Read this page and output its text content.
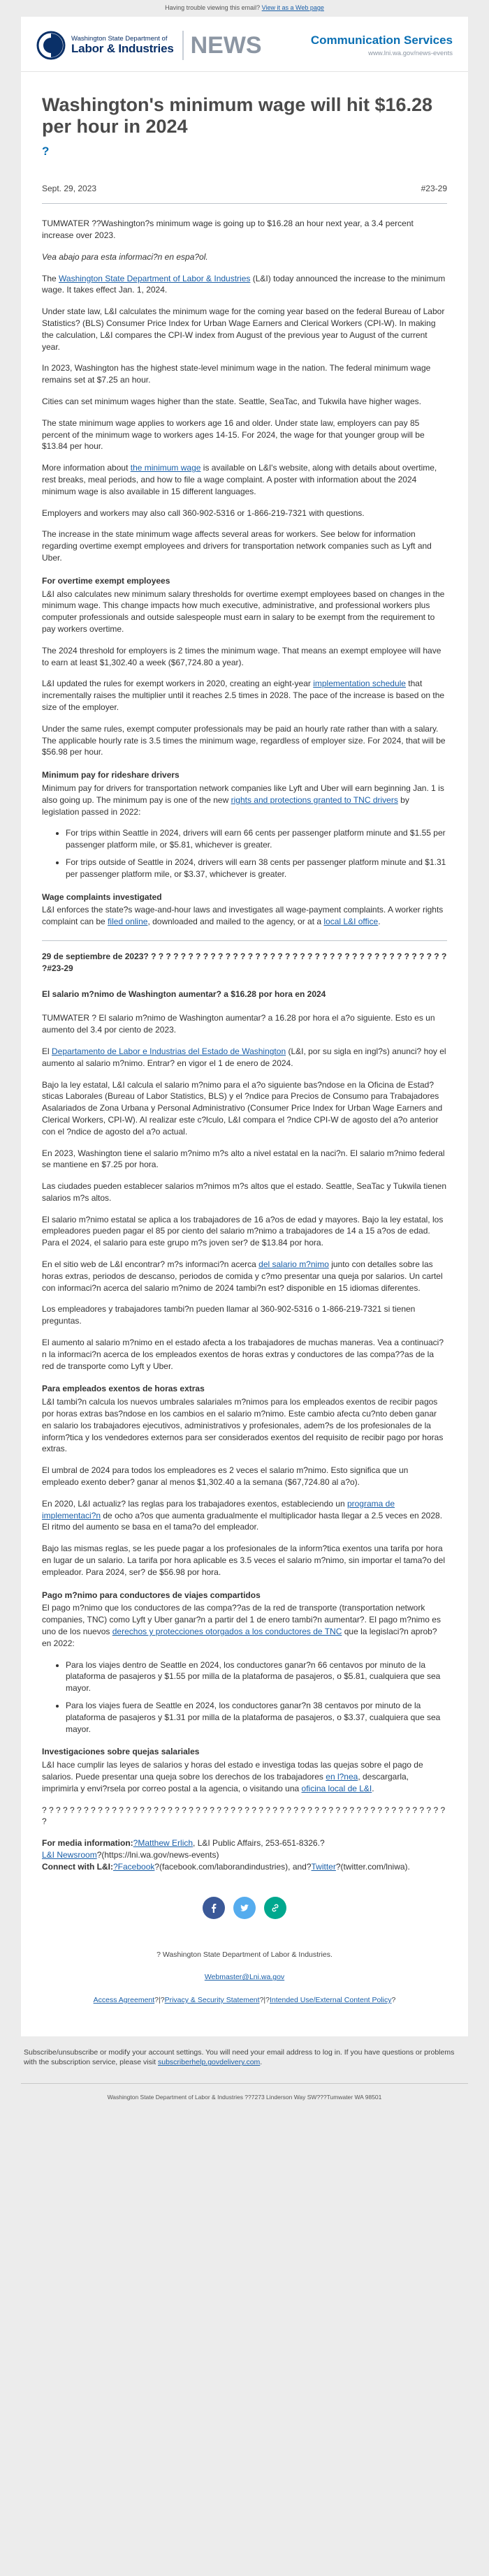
Having trouble viewing this email? View it as a Web page
Washington State Department of
Labor & Industries NEWS	Communication Services
www.lni.wa.gov/news-events
Washington's minimum wage will hit $16.28 per hour in 2024
?
Sept. 29, 2023	#23-29

TUMWATER ??Washington?s minimum wage is going up to $16.28 an hour next year, a 3.4 percent increase over 2023.

Vea abajo para esta informaci?n en espa?ol.

The Washington State Department of Labor & Industries (L&I) today announced the increase to the minimum wage. It takes effect Jan. 1, 2024.

Under state law, L&I calculates the minimum wage for the coming year based on the federal Bureau of Labor Statistics? (BLS) Consumer Price Index for Urban Wage Earners and Clerical Workers (CPI-W). In making the calculation, L&I compares the CPI-W index from August of the previous year to August of the current year.

In 2023, Washington has the highest state-level minimum wage in the nation. The federal minimum wage remains set at $7.25 an hour.

Cities can set minimum wages higher than the state. Seattle, SeaTac, and Tukwila have higher wages.

The state minimum wage applies to workers age 16 and older. Under state law, employers can pay 85 percent of the minimum wage to workers ages 14-15. For 2024, the wage for that younger group will be $13.84 per hour.

More information about the minimum wage is available on L&I's website, along with details about overtime, rest breaks, meal periods, and how to file a wage complaint. A poster with information about the 2024 minimum wage is also available in 15 different languages.

Employers and workers may also call 360-902-5316 or 1-866-219-7321 with questions.

The increase in the state minimum wage affects several areas for workers. See below for information regarding overtime exempt employees and drivers for transportation network companies such as Lyft and Uber.

For overtime exempt employees

L&I also calculates new minimum salary thresholds for overtime exempt employees based on changes in the minimum wage. This change impacts how much executive, administrative, and professional workers plus computer professionals and outside salespeople must earn in salary to be exempt from the requirement to pay workers overtime.

The 2024 threshold for employers is 2 times the minimum wage. That means an exempt employee will have to earn at least $1,302.40 a week ($67,724.80 a year).

L&I updated the rules for exempt workers in 2020, creating an eight-year implementation schedule that incrementally raises the multiplier until it reaches 2.5 times in 2028. The pace of the increase is based on the size of the employer.

Under the same rules, exempt computer professionals may be paid an hourly rate rather than with a salary. The applicable hourly rate is 3.5 times the minimum wage, regardless of employer size. For 2024, that will be $56.98 per hour.

Minimum pay for rideshare drivers

Minimum pay for drivers for transportation network companies like Lyft and Uber will earn beginning Jan. 1 is also going up. The minimum pay is one of the new rights and protections granted to TNC drivers by legislation passed in 2022:

• For trips within Seattle in 2024, drivers will earn 66 cents per passenger platform minute and $1.55 per passenger platform mile, or $5.81, whichever is greater.
• For trips outside of Seattle in 2024, drivers will earn 38 cents per passenger platform minute and $1.31 per passenger platform mile, or $3.37, whichever is greater.
Wage complaints investigated

L&I enforces the state?s wage-and-hour laws and investigates all wage-payment complaints. A worker rights complaint can be filed online, downloaded and mailed to the agency, or at a local L&I office.

29 de septiembre de 2023? ? ? ? ? ? ? ? ? ? ? ? ? ? ? ? ? ? ? ? ? ? ? ? ? ? ? ? ? ? ? ? ? ? ? ? ? ? ? ? ? ?#23-29
El salario m?nimo de Washington aumentar? a $16.28 por hora en 2024

TUMWATER ? El salario m?nimo de Washington aumentar? a 16.28 por hora el a?o siguiente. Esto es un aumento del 3.4 por ciento de 2023.

El Departamento de Labor e Industrias del Estado de Washington (L&I, por su sigla en ingl?s) anunci? hoy el aumento al salario m?nimo. Entrar? en vigor el 1 de enero de 2024.

Bajo la ley estatal, L&I calcula el salario m?nimo para el a?o siguiente bas?ndose en la Oficina de Estad?sticas Laborales (Bureau of Labor Statistics, BLS) y el ?ndice para Precios de Consumo para Trabajadores Asalariados de Zona Urbana y Personal Administrativo (Consumer Price Index for Urban Wage Earners and Clerical Workers, CPI-W). Al realizar este c?lculo, L&I compara el ?ndice CPI-W de agosto del a?o anterior con el ?ndice de agosto del a?o actual.

En 2023, Washington tiene el salario m?nimo m?s alto a nivel estatal en la naci?n. El salario m?nimo federal se mantiene en $7.25 por hora.

Las ciudades pueden establecer salarios m?nimos m?s altos que el estado. Seattle, SeaTac y Tukwila tienen salarios m?s altos.

El salario m?nimo estatal se aplica a los trabajadores de 16 a?os de edad y mayores. Bajo la ley estatal, los empleadores pueden pagar el 85 por ciento del salario m?nimo a trabajadores de 14 a 15 a?os de edad. Para el 2024, el salario para este grupo m?s joven ser? de $13.84 por hora.

En el sitio web de L&I encontrar? m?s informaci?n acerca del salario m?nimo junto con detalles sobre las horas extras, periodos de descanso, periodos de comida y c?mo presentar una queja por salarios. Un cartel con informaci?n acerca del salario m?nimo de 2024 tambi?n est? disponible en 15 idiomas diferentes.

Los empleadores y trabajadores tambi?n pueden llamar al 360-902-5316 o 1-866-219-7321 si tienen preguntas.

El aumento al salario m?nimo en el estado afecta a los trabajadores de muchas maneras. Vea a continuaci?n la informaci?n acerca de los empleados exentos de horas extras y conductores de las compa??as de la red de transporte como Lyft y Uber.

Para empleados exentos de horas extras

L&I tambi?n calcula los nuevos umbrales salariales m?nimos para los empleados exentos de recibir pagos por horas extras bas?ndose en los cambios en el salario m?nimo. Este cambio afecta cu?nto deben ganar en salario los trabajadores ejecutivos, administrativos y profesionales, adem?s de los profesionales de la inform?tica y los vendedores externos para ser considerados exentos del requisito de recibir pago por horas extras.

El umbral de 2024 para todos los empleadores es 2 veces el salario m?nimo. Esto significa que un empleado exento deber? ganar al menos $1,302.40 a la semana ($67,724.80 al a?o).

En 2020, L&I actualiz? las reglas para los trabajadores exentos, estableciendo un programa de implementaci?n de ocho a?os que aumenta gradualmente el multiplicador hasta llegar a 2.5 veces en 2028. El ritmo del aumento se basa en el tama?o del empleador.

Bajo las mismas reglas, se les puede pagar a los profesionales de la inform?tica exentos una tarifa por hora en lugar de un salario. La tarifa por hora aplicable es 3.5 veces el salario m?nimo, sin importar el tama?o del empleador. Para 2024, ser? de $56.98 por hora.

Pago m?nimo para conductores de viajes compartidos

El pago m?nimo que los conductores de las compa??as de la red de transporte (transportation network companies, TNC) como Lyft y Uber ganar?n a partir del 1 de enero tambi?n aumentar?. El pago m?nimo es uno de los nuevos derechos y protecciones otorgados a los conductores de TNC que la legislaci?n aprob? en 2022:

• Para los viajes dentro de Seattle en 2024, los conductores ganar?n 66 centavos por minuto de la plataforma de pasajeros y $1.55 por milla de la plataforma de pasajeros, o $5.81, cualquiera que sea mayor.
• Para los viajes fuera de Seattle en 2024, los conductores ganar?n 38 centavos por minuto de la plataforma de pasajeros y $1.31 por milla de la plataforma de pasajeros, o $3.37, cualquiera que sea mayor.
Investigaciones sobre quejas salariales

L&I hace cumplir las leyes de salarios y horas del estado e investiga todas las quejas sobre el pago de salarios. Puede presentar una queja sobre los derechos de los trabajadores en l?nea, descargarla, imprimirla y envi?rsela por correo postal a la agencia, o visitando una oficina local de L&I.

? ? ? ? ? ? ? ? ? ? ? ? ? ? ? ? ? ? ? ? ? ? ? ? ? ? ? ? ? ? ? ? ? ? ? ? ? ? ? ? ? ? ? ? ? ? ? ? ? ? ? ? ? ? ? ? ? ? ?

For media information:?Matthew Erlich, L&I Public Affairs, 253-651-8326.?

L&I Newsroom?(https://lni.wa.gov/news-events)

Connect with L&I:?Facebook?(facebook.com/laborandindustries), and?Twitter?(twitter.com/lniwa).

? Washington State Department of Labor & Industries.

Webmaster@Lni.wa.gov

Access Agreement?|?Privacy & Security Statement?|?Intended Use/External Content Policy?

Subscribe/unsubscribe or modify your account settings. You will need your email address to log in. If you have questions or problems with the subscription service, please visit subscriberhelp.govdelivery.com.
Washington State Department of Labor & Industries ??7273 Linderson Way SW???Tumwater WA 98501
